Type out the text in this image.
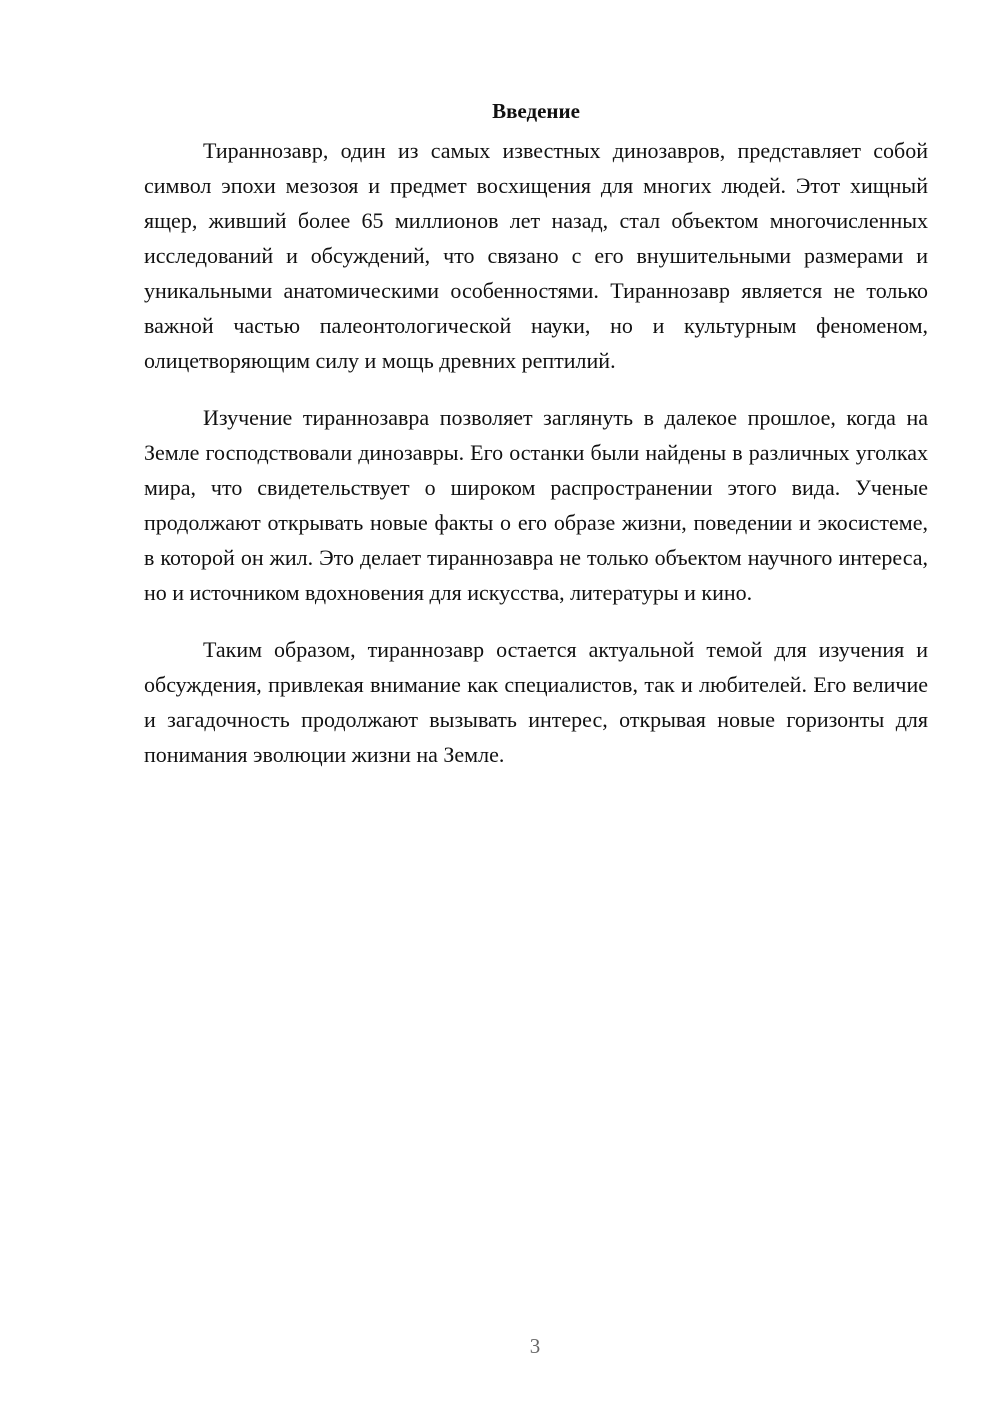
Введение

Тираннозавр, один из самых известных динозавров, представляет собой символ эпохи мезозоя и предмет восхищения для многих людей. Этот хищный ящер, живший более 65 миллионов лет назад, стал объектом многочисленных исследований и обсуждений, что связано с его внушительными размерами и уникальными анатомическими особенностями. Тираннозавр является не только важной частью палеонтологической науки, но и культурным феноменом, олицетворяющим силу и мощь древних рептилий.

Изучение тираннозавра позволяет заглянуть в далекое прошлое, когда на Земле господствовали динозавры. Его останки были найдены в различных уголках мира, что свидетельствует о широком распространении этого вида. Ученые продолжают открывать новые факты о его образе жизни, поведении и экосистеме, в которой он жил. Это делает тираннозавра не только объектом научного интереса, но и источником вдохновения для искусства, литературы и кино.

Таким образом, тираннозавр остается актуальной темой для изучения и обсуждения, привлекая внимание как специалистов, так и любителей. Его величие и загадочность продолжают вызывать интерес, открывая новые горизонты для понимания эволюции жизни на Земле.

3
